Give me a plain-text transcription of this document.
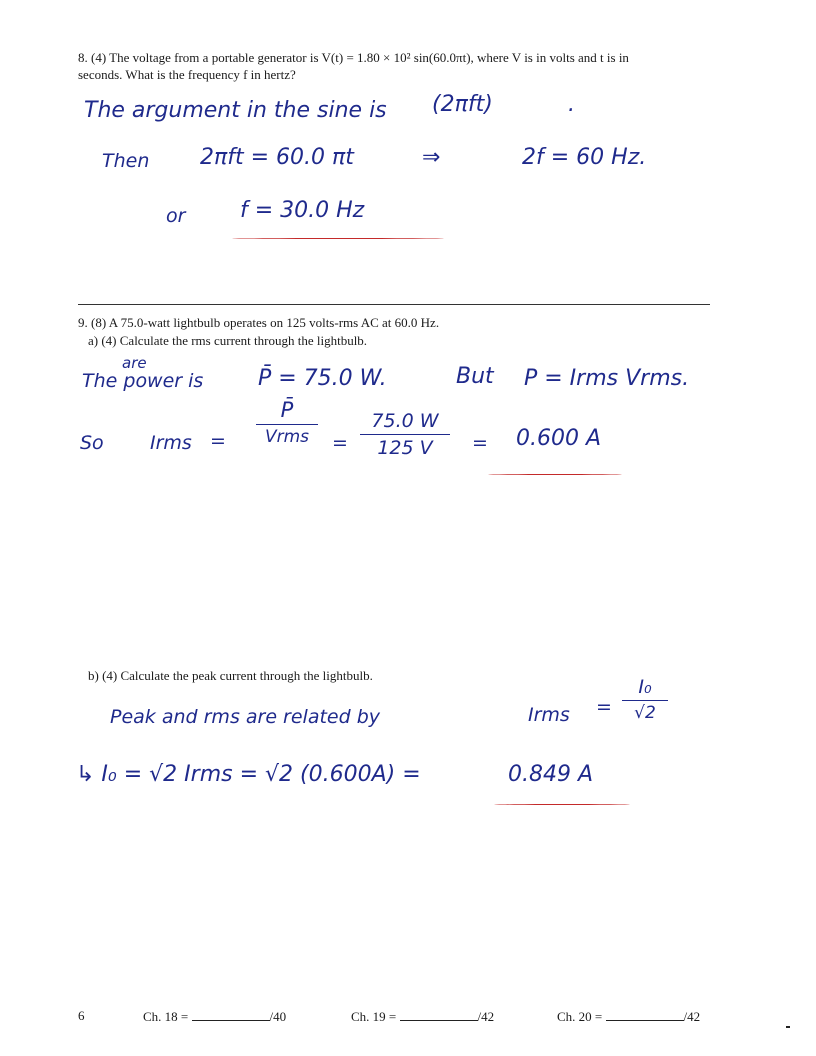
8. (4) The voltage from a portable generator is V(t) = 1.80 × 10² sin(60.0πt), where V is in volts and t is in
seconds. What is the frequency f in hertz?
The argument in the sine is (2πft)	.
Then 2πft = 60.0 πt	⇒	2f = 60 Hz.
or f = 30.0 Hz
9. (8) A 75.0-watt lightbulb operates on 125 volts-rms AC at 60.0 Hz.
a) (4) Calculate the rms current through the lightbulb.
are
The power is P̄ = 75.0 W.	But P = Irms Vrms.
So Irms =
P̄
Vrms =
75.0 W
125 V = 0.600 A
b) (4) Calculate the peak current through the lightbulb.
Peak and rms are related by	Irms =
I₀
√2
↳ I₀ = √2 Irms = √2 (0.600A) =	0.849 A
6	Ch. 18 =	/40	Ch. 19 =	/42	Ch. 20 =	/42
